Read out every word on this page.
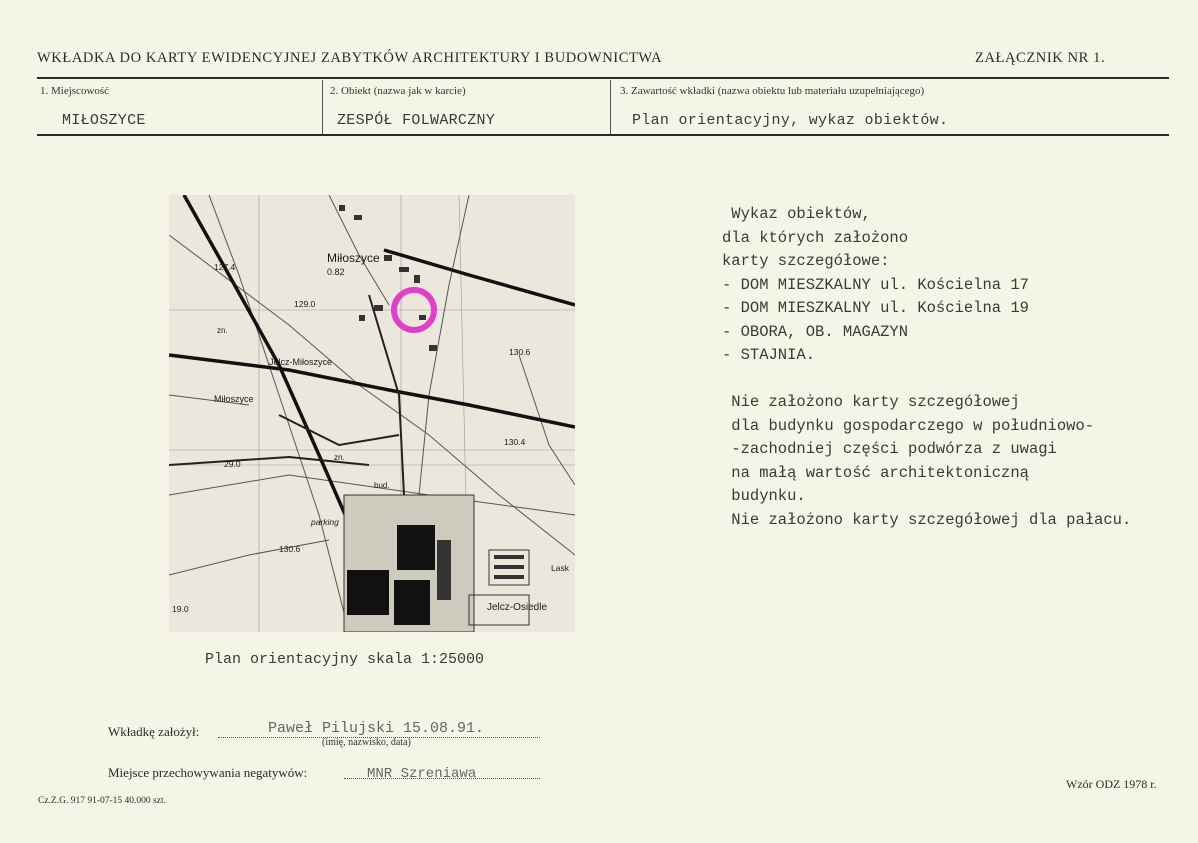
WKŁADKA DO KARTY EWIDENCYJNEJ ZABYTKÓW ARCHITEKTURY I BUDOWNICTWA	ZAŁĄCZNIK NR 1.
1. Miejscowość
MIŁOSZYCE
2. Obiekt (nazwa jak w karcie)
ZESPÓŁ FOLWARCZNY
3. Zawartość wkładki (nazwa obiektu lub materiału uzupełniającego)
Plan orientacyjny, wykaz obiektów.
Miłoszyce
0.82
127.4
129.0
Jelcz-Miłoszyce
130.6
zn.
Miłoszyce
130.4
29.0
zn.
bud.
parking
130.6
Lask
19.0	Jelcz-Osiedle
Plan orientacyjny skala 1:25000
Wykaz obiektów,
dla których założono
karty szczegółowe:
- DOM MIESZKALNY ul. Kościelna 17
- DOM MIESZKALNY ul. Kościelna 19
- OBORA, OB. MAGAZYN
- STAJNIA.
Nie założono karty szczegółowej
dla budynku gospodarczego w południowo-
-zachodniej części podwórza z uwagi
na małą wartość architektoniczną
budynku.
Nie założono karty szczegółowej dla pałacu.
Wkładkę założył:	Paweł Pilujski 15.08.91.
(imię, nazwisko, data)
Miejsce przechowywania negatywów:	MNR Szreniawa
Cz.Z.G. 917 91-07-15 40.000 szt.
Wzór ODZ 1978 r.
